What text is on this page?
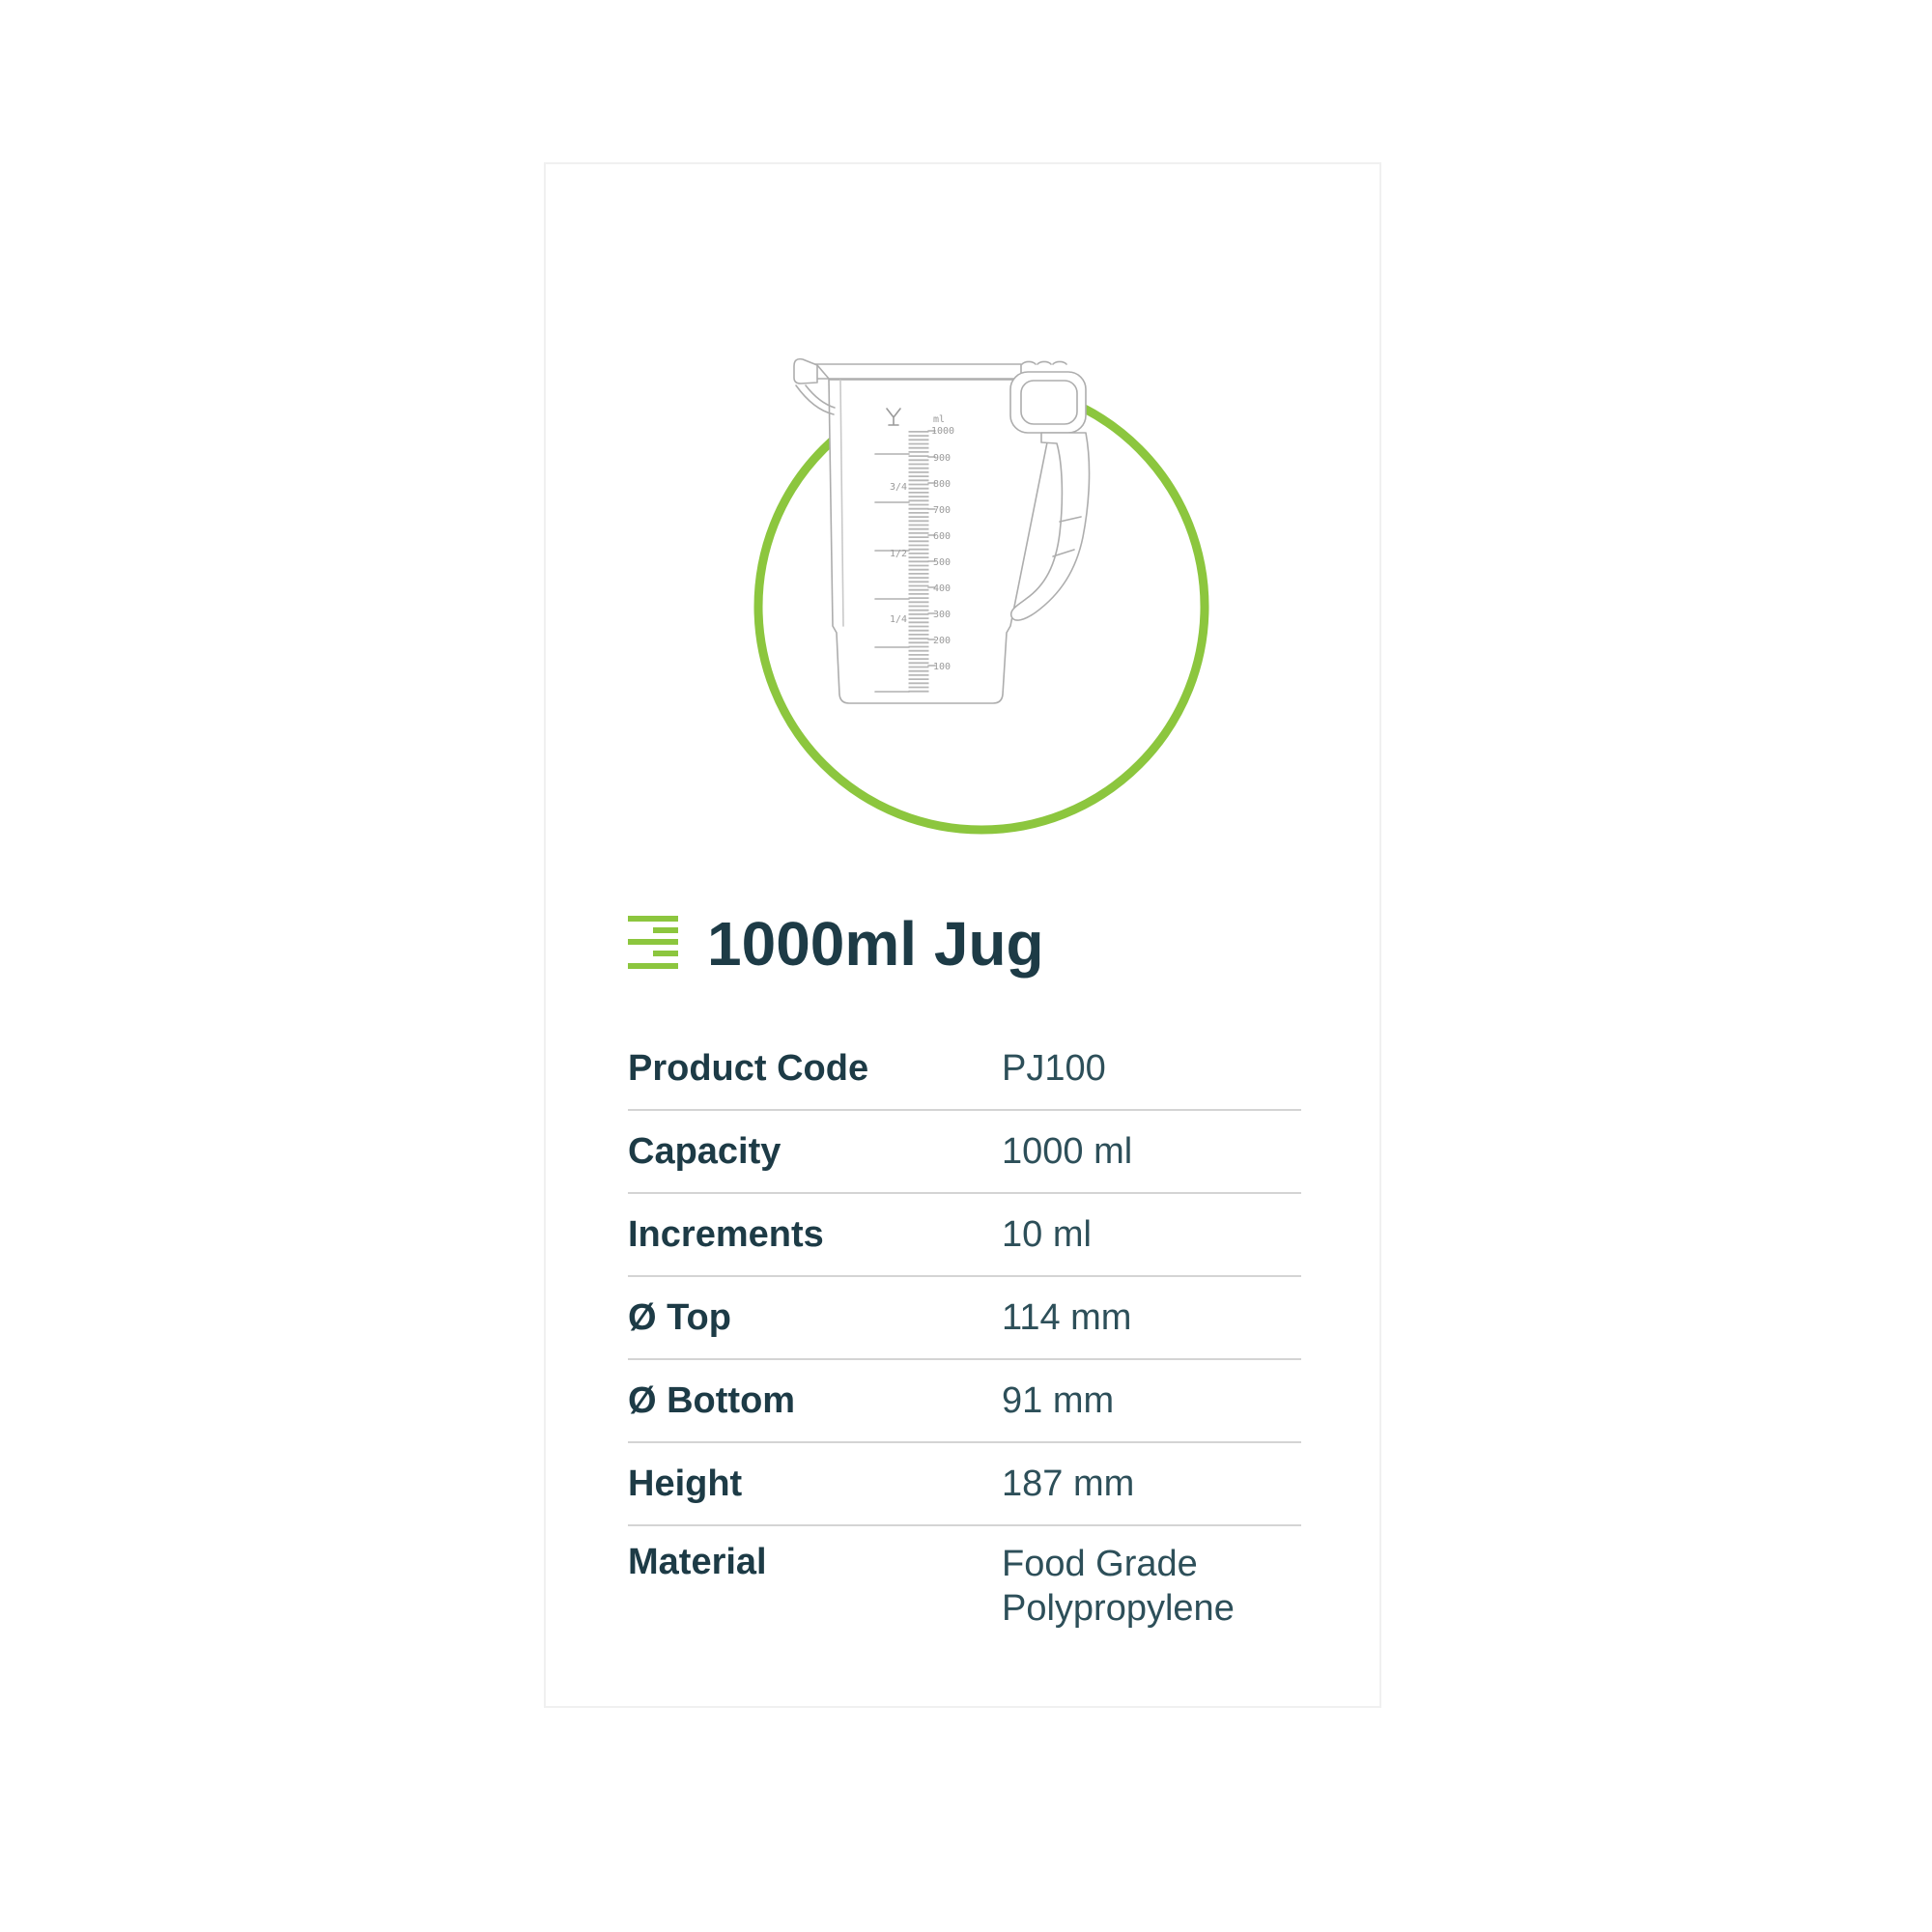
ml
1000
900
800
700
600
500
400
300
200
100
3/4
1/2
1/4
1000ml Jug
Product Code	PJ100
Capacity	1000 ml
Increments	10 ml
Ø Top	114 mm
Ø Bottom	91 mm
Height	187 mm
Material	Food Grade Polypropylene
